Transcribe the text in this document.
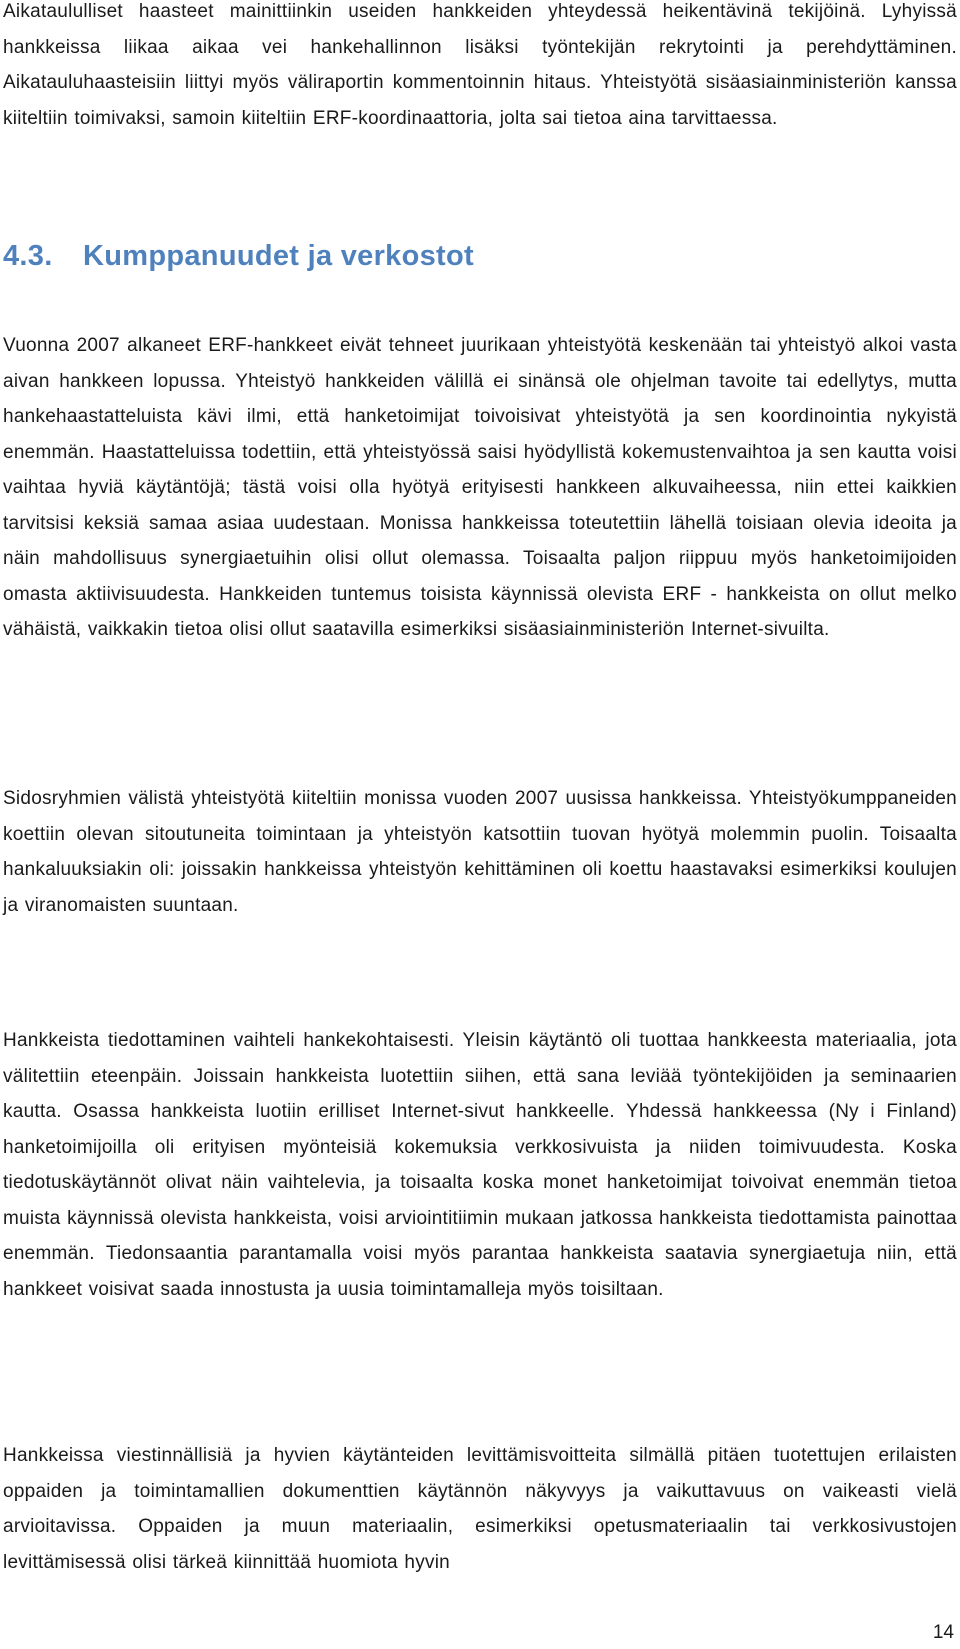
Aikataululliset haasteet mainittiinkin useiden hankkeiden yhteydessä heikentävinä tekijöinä. Lyhyissä hankkeissa liikaa aikaa vei hankehallinnon lisäksi työntekijän rekrytointi ja perehdyttäminen. Aikatauluhaasteisiin liittyi myös väliraportin kommentoinnin hitaus. Yhteistyötä sisäasiainministeriön kanssa kiiteltiin toimivaksi, samoin kiiteltiin ERF-koordinaattoria, jolta sai tietoa aina tarvittaessa.

4.3. Kumppanuudet ja verkostot

Vuonna 2007 alkaneet ERF-hankkeet eivät tehneet juurikaan yhteistyötä keskenään tai yhteistyö alkoi vasta aivan hankkeen lopussa. Yhteistyö hankkeiden välillä ei sinänsä ole ohjelman tavoite tai edellytys, mutta hankehaastatteluista kävi ilmi, että hanketoimijat toivoisivat yhteistyötä ja sen koordinointia nykyistä enemmän. Haastatteluissa todettiin, että yhteistyössä saisi hyödyllistä kokemustenvaihtoa ja sen kautta voisi vaihtaa hyviä käytäntöjä; tästä voisi olla hyötyä erityisesti hankkeen alkuvaiheessa, niin ettei kaikkien tarvitsisi keksiä samaa asiaa uudestaan. Monissa hankkeissa toteutettiin lähellä toisiaan olevia ideoita ja näin mahdollisuus synergiaetuihin olisi ollut olemassa. Toisaalta paljon riippuu myös hanketoimijoiden omasta aktiivisuudesta. Hankkeiden tuntemus toisista käynnissä olevista ERF - hankkeista on ollut melko vähäistä, vaikkakin tietoa olisi ollut saatavilla esimerkiksi sisäasiainministeriön Internet-sivuilta.

Sidosryhmien välistä yhteistyötä kiiteltiin monissa vuoden 2007 uusissa hankkeissa. Yhteistyökumppaneiden koettiin olevan sitoutuneita toimintaan ja yhteistyön katsottiin tuovan hyötyä molemmin puolin. Toisaalta hankaluuksiakin oli: joissakin hankkeissa yhteistyön kehittäminen oli koettu haastavaksi esimerkiksi koulujen ja viranomaisten suuntaan.

Hankkeista tiedottaminen vaihteli hankekohtaisesti. Yleisin käytäntö oli tuottaa hankkeesta materiaalia, jota välitettiin eteenpäin. Joissain hankkeista luotettiin siihen, että sana leviää työntekijöiden ja seminaarien kautta. Osassa hankkeista luotiin erilliset Internet-sivut hankkeelle. Yhdessä hankkeessa (Ny i Finland) hanketoimijoilla oli erityisen myönteisiä kokemuksia verkkosivuista ja niiden toimivuudesta. Koska tiedotuskäytännöt olivat näin vaihtelevia, ja toisaalta koska monet hanketoimijat toivoivat enemmän tietoa muista käynnissä olevista hankkeista, voisi arviointitiimin mukaan jatkossa hankkeista tiedottamista painottaa enemmän. Tiedonsaantia parantamalla voisi myös parantaa hankkeista saatavia synergiaetuja niin, että hankkeet voisivat saada innostusta ja uusia toimintamalleja myös toisiltaan.

Hankkeissa viestinnällisiä ja hyvien käytänteiden levittämisvoitteita silmällä pitäen tuotettujen erilaisten oppaiden ja toimintamallien dokumenttien käytännön näkyvyys ja vaikuttavuus on vaikeasti vielä arvioitavissa. Oppaiden ja muun materiaalin, esimerkiksi opetusmateriaalin tai verkkosivustojen levittämisessä olisi tärkeä kiinnittää huomiota hyvin

14
